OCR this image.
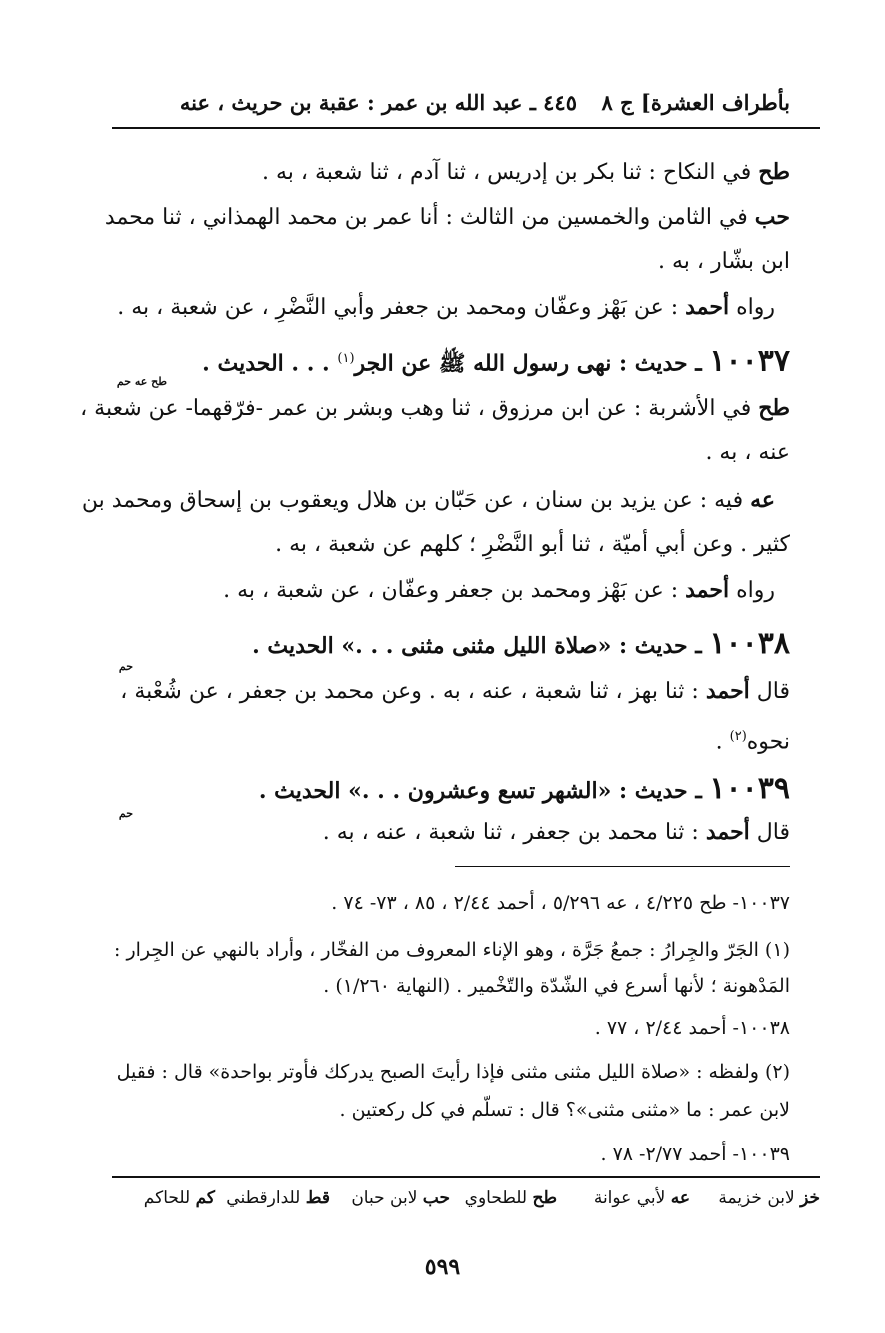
بأطراف العشرة] ج ٨
٤٤٥ ـ عبد الله بن عمر : عقبة بن حريث ، عنه
طح في النكاح : ثنا بكر بن إدريس ، ثنا آدم ، ثنا شعبة ، به .
حب في الثامن والخمسين من الثالث : أنا عمر بن محمد الهمذاني ، ثنا محمد
ابن بشّار ، به .
رواه أحمد : عن بَهْز وعفّان ومحمد بن جعفر وأبي النَّضْرِ ، عن شعبة ، به .
١٠٠٣٧ ـ حديث : نهى رسول الله ﷺ عن الجر$^{(١)}$ . . . الحديث .
طح عه حم
طح في الأشربة : عن ابن مرزوق ، ثنا وهب وبشر بن عمر -فرّقهما- عن شعبة ،
عنه ، به .
عه فيه : عن يزيد بن سنان ، عن حَبّان بن هلال ويعقوب بن إسحاق ومحمد بن
كثير . وعن أبي أميّة ، ثنا أبو النَّضْرِ ؛ كلهم عن شعبة ، به .
رواه أحمد : عن بَهْز ومحمد بن جعفر وعفّان ، عن شعبة ، به .
١٠٠٣٨ ـ حديث : «صلاة الليل مثنى مثنى . . .» الحديث .
حم
قال أحمد : ثنا بهز ، ثنا شعبة ، عنه ، به . وعن محمد بن جعفر ، عن شُعْبة ،
نحوه$^{(٢)}$ .
١٠٠٣٩ ـ حديث : «الشهر تسع وعشرون . . .» الحديث .
حم
قال أحمد : ثنا محمد بن جعفر ، ثنا شعبة ، عنه ، به .
١٠٠٣٧- طح ٤/٢٢٥ ، عه ٥/٢٩٦ ، أحمد ٢/٤٤ ، ٨٥ ، ٧٣- ٧٤ .
(١) الجَرّ والجِرارُ : جمعُ جَرَّة ، وهو الإناء المعروف من الفخّار ، وأراد بالنهي عن الجِرار :
المَدْهونة ؛ لأنها أسرع في الشّدّة والتّخْمير . (النهاية ١/٢٦٠) .
١٠٠٣٨- أحمد ٢/٤٤ ، ٧٧ .
(٢) ولفظه : «صلاة الليل مثنى مثنى فإذا رأيتَ الصبح يدركك فأوتر بواحدة» قال : فقيل
لابن عمر : ما «مثنى مثنى»؟ قال : تسلّم في كل ركعتين .
١٠٠٣٩- أحمد ٢/٧٧- ٧٨ .
خز لابن خزيمة
عه لأبي عوانة
طح للطحاوي
حب لابن حبان
قط للدارقطني
كم للحاكم
٥٩٩
